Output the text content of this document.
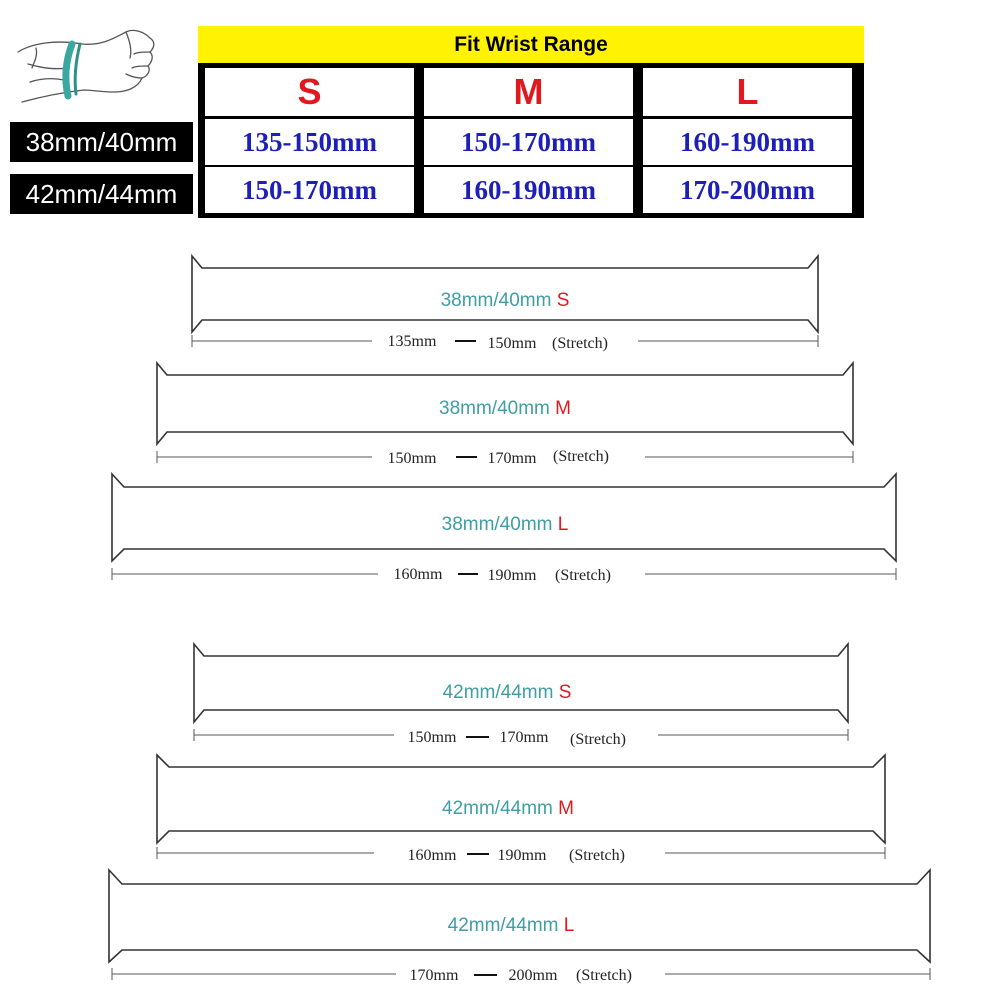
38mm/40mm
42mm/44mm
Fit Wrist Range
S	M	L
135-150mm	150-170mm	160-190mm
150-170mm	160-190mm	170-200mm
38mm/40mm S
38mm/40mm M
38mm/40mm L
42mm/44mm S
42mm/44mm M
42mm/44mm L
135mm	150mm (Stretch)
150mm	170mm (Stretch)
160mm	190mm (Stretch)
150mm	170mm (Stretch)
160mm	190mm (Stretch)
170mm	200mm (Stretch)
